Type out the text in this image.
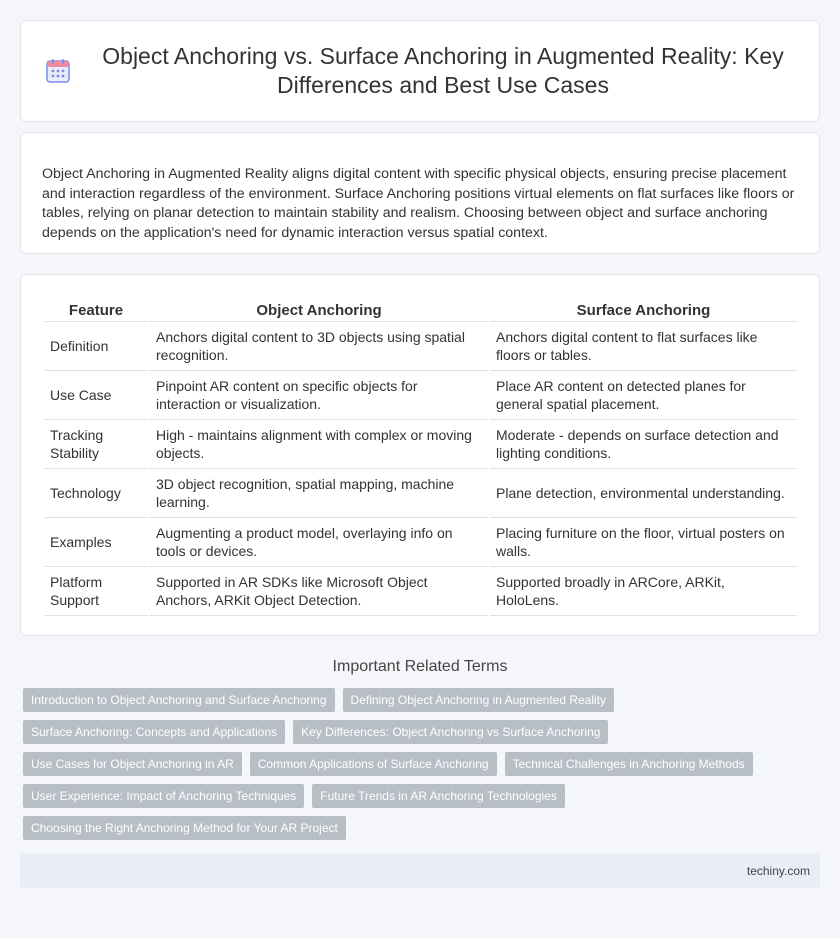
Object Anchoring vs. Surface Anchoring in Augmented Reality: Key Differences and Best Use Cases

Object Anchoring in Augmented Reality aligns digital content with specific physical objects, ensuring precise placement and interaction regardless of the environment. Surface Anchoring positions virtual elements on flat surfaces like floors or tables, relying on planar detection to maintain stability and realism. Choosing between object and surface anchoring depends on the application's need for dynamic interaction versus spatial context.

Feature	Object Anchoring	Surface Anchoring
Definition	Anchors digital content to 3D objects using spatial recognition.	Anchors digital content to flat surfaces like floors or tables.
Use Case	Pinpoint AR content on specific objects for interaction or visualization.	Place AR content on detected planes for general spatial placement.
Tracking Stability	High - maintains alignment with complex or moving objects.	Moderate - depends on surface detection and lighting conditions.
Technology	3D object recognition, spatial mapping, machine learning.	Plane detection, environmental understanding.
Examples	Augmenting a product model, overlaying info on tools or devices.	Placing furniture on the floor, virtual posters on walls.
Platform Support	Supported in AR SDKs like Microsoft Object Anchors, ARKit Object Detection.	Supported broadly in ARCore, ARKit, HoloLens.
Important Related Terms
Introduction to Object Anchoring and Surface Anchoring	Defining Object Anchoring in Augmented Reality
Surface Anchoring: Concepts and Applications	Key Differences: Object Anchoring vs Surface Anchoring
Use Cases for Object Anchoring in AR	Common Applications of Surface Anchoring	Technical Challenges in Anchoring Methods
User Experience: Impact of Anchoring Techniques	Future Trends in AR Anchoring Technologies
Choosing the Right Anchoring Method for Your AR Project
techiny.com
